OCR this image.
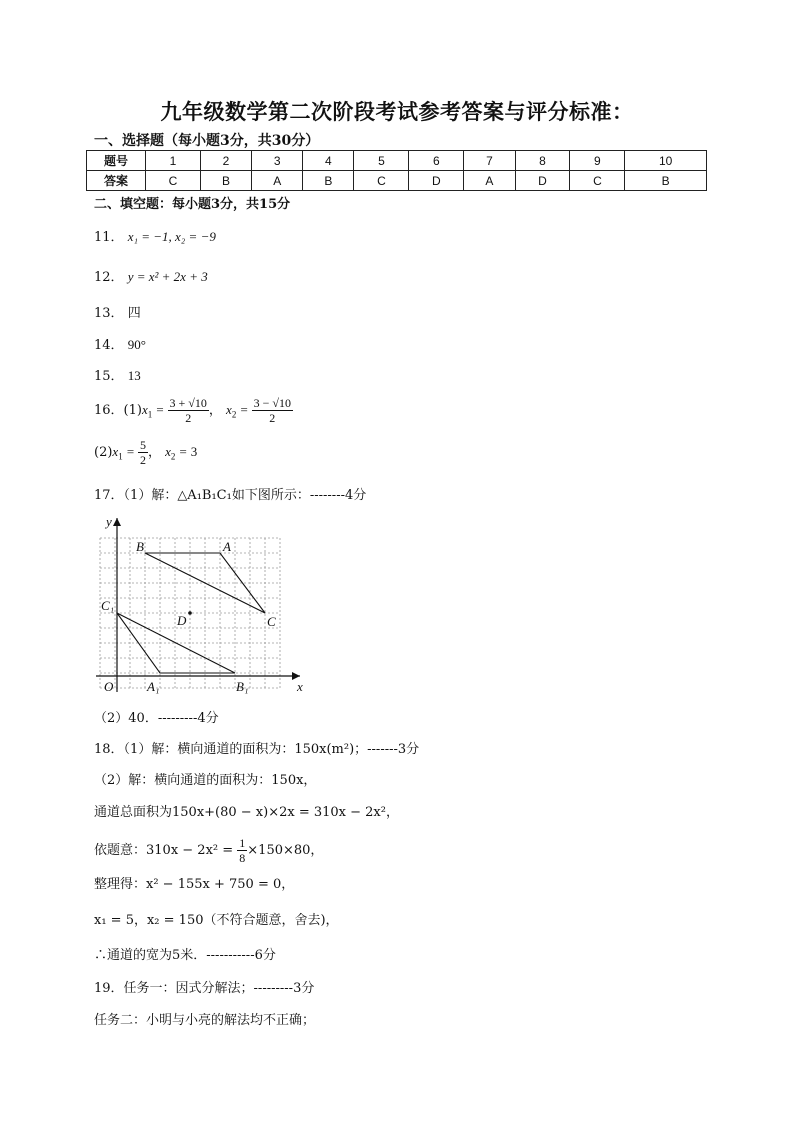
九年级数学第二次阶段考试参考答案与评分标准：
一、选择题（每小题3分，共30分）
题号	1	2	3	4	5	6	7	8	9	10
答案	C	B	A	B	C	D	A	D	C	B
二、填空题：每小题3分，共15分
11． x₁ = −1, x₂ = −9
12． y = x² + 2x + 3
13． 四
14． 90°
15． 13
16．$(1)x_1 = \frac{3 + √10}{2}$ ， $x_2 = \frac{3 - √10}{2}$
$(2)x_1 = \frac{5}{2}$ ， $x_2 = 3$
17．（1）解：△A₁B₁C₁如下图所示：--------4分
y
x
O
B	A
C
D
C₁
A₁	B₁
（2）40．---------4分
18．（1）解：横向通道的面积为：150x(m²)；-------3分
（2）解：横向通道的面积为：150x，
通道总面积为150x+(80 − x)×2x = 310x − 2x²，
依题意：$310x - 2x^2 = \frac{1}{8} \times 150\times 80$，
整理得：x² − 155x + 750 = 0，
x₁ = 5，x₂ = 150（不符合题意，舍去)，
∴通道的宽为5米．-----------6分
19．任务一：因式分解法；---------3分
任务二：小明与小亮的解法均不正确；
